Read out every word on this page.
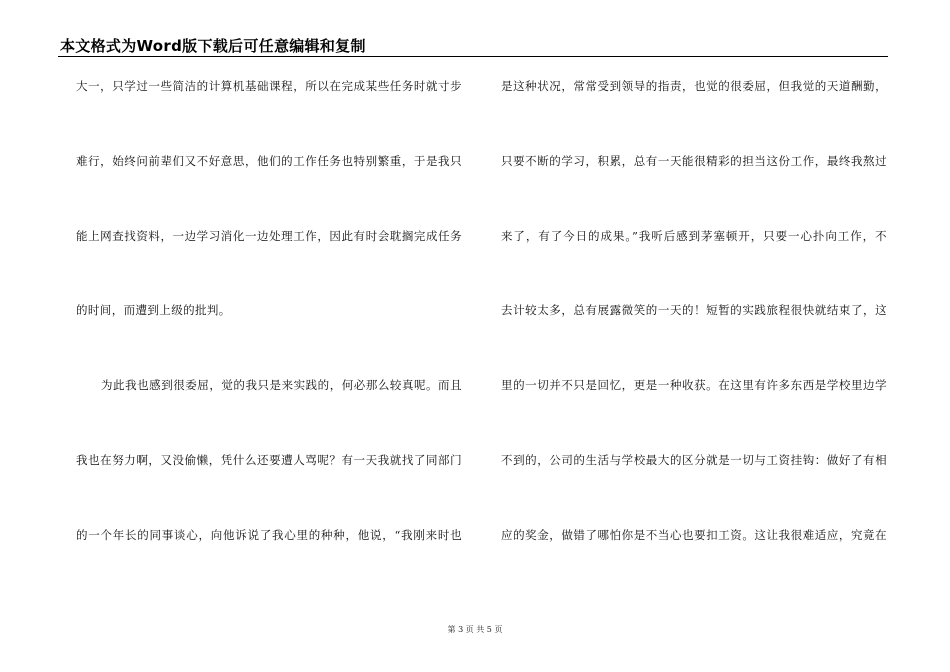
本文格式为Word版下载后可任意编辑和复制
大一，只学过一些简洁的计算机基础课程，所以在完成某些任务时就寸步
难行，始终问前辈们又不好意思，他们的工作任务也特别繁重，于是我只
能上网查找资料，一边学习消化一边处理工作，因此有时会耽搁完成任务
的时间，而遭到上级的批判。
为此我也感到很委屈，觉的我只是来实践的，何必那么较真呢。而且
我也在努力啊，又没偷懒，凭什么还要遭人骂呢？有一天我就找了同部门
的一个年长的同事谈心，向他诉说了我心里的种种，他说，“我刚来时也
是这种状况，常常受到领导的指责，也觉的很委屈，但我觉的天道酬勤，
只要不断的学习，积累，总有一天能很精彩的担当这份工作，最终我熬过
来了，有了今日的成果。”我听后感到茅塞顿开，只要一心扑向工作，不
去计较太多，总有展露微笑的一天的！短暂的实践旅程很快就结束了，这
里的一切并不只是回忆，更是一种收获。在这里有许多东西是学校里边学
不到的，公司的生活与学校最大的区分就是一切与工资挂钩：做好了有相
应的奖金，做错了哪怕你是不当心也要扣工资。这让我很难适应，究竟在
第 3 页 共 5 页
